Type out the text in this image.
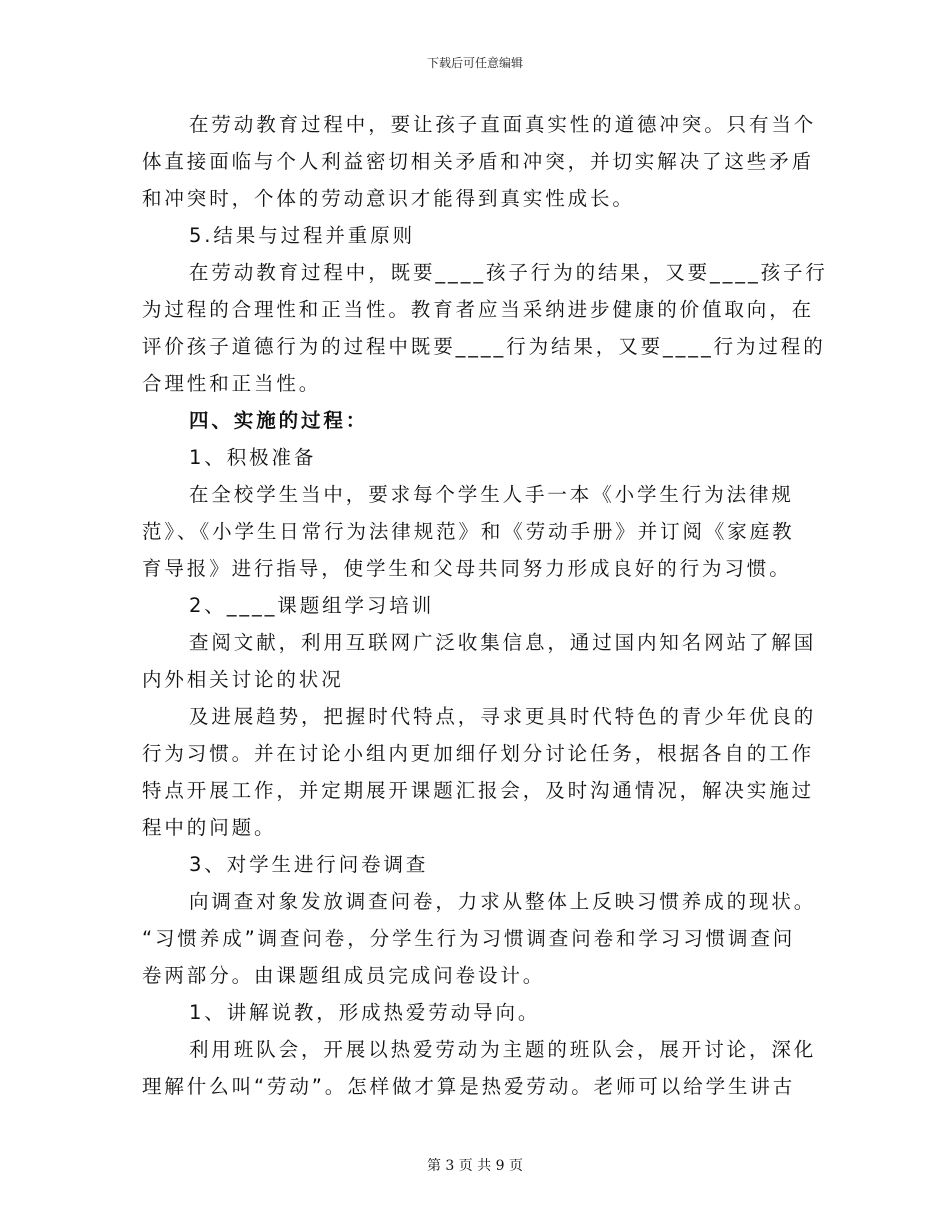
下载后可任意编辑
在劳动教育过程中，要让孩子直面真实性的道德冲突。只有当个
体直接面临与个人利益密切相关矛盾和冲突，并切实解决了这些矛盾
和冲突时，个体的劳动意识才能得到真实性成长。
5.结果与过程并重原则
在劳动教育过程中，既要____孩子行为的结果，又要____孩子行
为过程的合理性和正当性。教育者应当采纳进步健康的价值取向，在
评价孩子道德行为的过程中既要____行为结果，又要____行为过程的
合理性和正当性。
四、实施的过程：
1、积极准备
在全校学生当中，要求每个学生人手一本《小学生行为法律规
范》、《小学生日常行为法律规范》和《劳动手册》并订阅《家庭教
育导报》进行指导，使学生和父母共同努力形成良好的行为习惯。
2、____课题组学习培训
查阅文献，利用互联网广泛收集信息，通过国内知名网站了解国
内外相关讨论的状况
及进展趋势，把握时代特点，寻求更具时代特色的青少年优良的
行为习惯。并在讨论小组内更加细仔划分讨论任务，根据各自的工作
特点开展工作，并定期展开课题汇报会，及时沟通情况，解决实施过
程中的问题。
3、对学生进行问卷调查
向调查对象发放调查问卷，力求从整体上反映习惯养成的现状。
“习惯养成”调查问卷，分学生行为习惯调查问卷和学习习惯调查问
卷两部分。由课题组成员完成问卷设计。
1、讲解说教，形成热爱劳动导向。
利用班队会，开展以热爱劳动为主题的班队会，展开讨论，深化
理解什么叫“劳动”。怎样做才算是热爱劳动。老师可以给学生讲古
第 3 页 共 9 页
